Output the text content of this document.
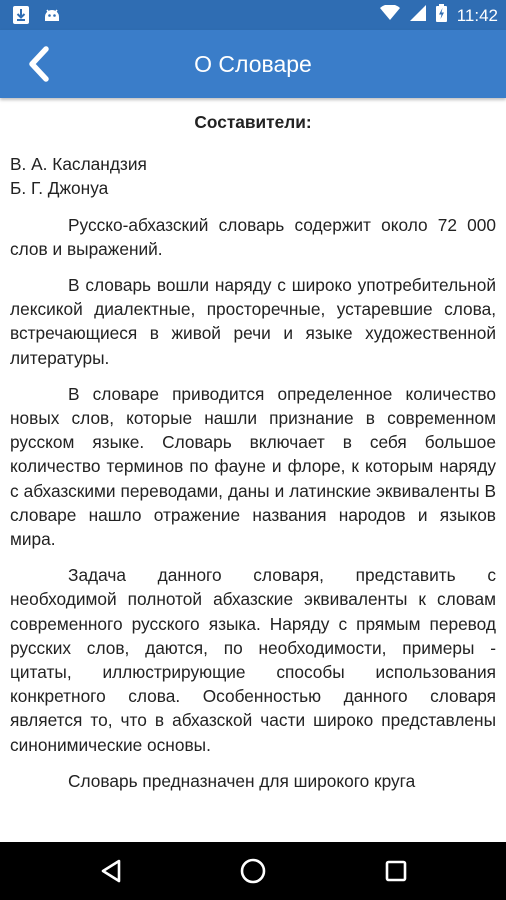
11:42
О Словаре
Составители:
В. А. Касландзия
Б. Г. Джонуа

Русско-абхазский словарь содержит около 72 000 слов и выражений.

В словарь вошли наряду с широко употребительной лексикой диалектные, просторечные, устаревшие слова, встречающиеся в живой речи и языке художественной литературы.

В словаре приводится определенное количество новых слов, которые нашли признание в современном русском языке. Словарь включает в себя большое количество терминов по фауне и флоре, к которым наряду с абхазскими переводами, даны и латинские эквиваленты В словаре нашло отражение названия народов и языков мира.

Задача данного словаря, представить с необходимой полнотой абхазские эквиваленты к словам современного русского языка. Наряду с прямым перевод русских слов, даются, по необходимости, примеры - цитаты, иллюстрирующие способы использования конкретного слова. Особенностью данного словаря является то, что в абхазской части широко представлены синонимические основы.

Словарь предназначен для широкого круга
